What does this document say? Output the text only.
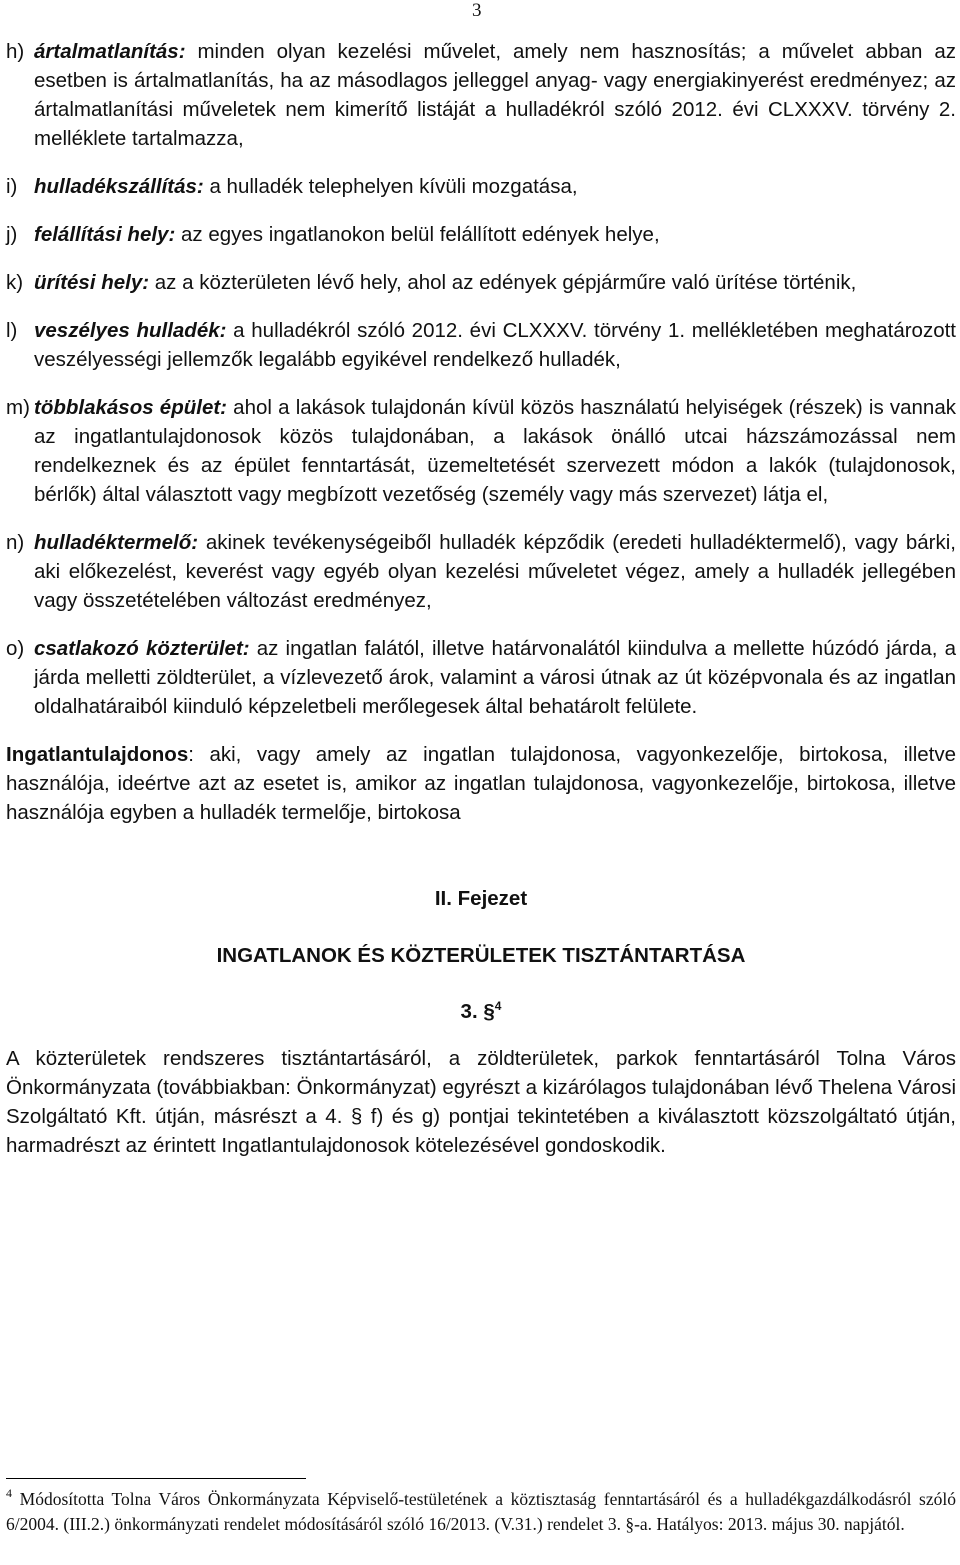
3
h) ártalmatlanítás: minden olyan kezelési művelet, amely nem hasznosítás; a művelet abban az esetben is ártalmatlanítás, ha az másodlagos jelleggel anyag- vagy energiakinyerést eredményez; az ártalmatlanítási műveletek nem kimerítő listáját a hulladékról szóló 2012. évi CLXXXV. törvény 2. melléklete tartalmazza,
i) hulladékszállítás: a hulladék telephelyen kívüli mozgatása,
j) felállítási hely: az egyes ingatlanokon belül felállított edények helye,
k) ürítési hely: az a közterületen lévő hely, ahol az edények gépjárműre való ürítése történik,
l) veszélyes hulladék: a hulladékról szóló 2012. évi CLXXXV. törvény 1. mellékletében meghatározott veszélyességi jellemzők legalább egyikével rendelkező hulladék,
m) többlakásos épület: ahol a lakások tulajdonán kívül közös használatú helyiségek (részek) is vannak az ingatlantulajdonosok közös tulajdonában, a lakások önálló utcai házszámozással nem rendelkeznek és az épület fenntartását, üzemeltetését szervezett módon a lakók (tulajdonosok, bérlők) által választott vagy megbízott vezetőség (személy vagy más szervezet) látja el,
n) hulladéktermelő: akinek tevékenységeiből hulladék képződik (eredeti hulladéktermelő), vagy bárki, aki előkezelést, keverést vagy egyéb olyan kezelési műveletet végez, amely a hulladék jellegében vagy összetételében változást eredményez,
o) csatlakozó közterület: az ingatlan falától, illetve határvonalától kiindulva a mellette húzódó járda, a járda melletti zöldterület, a vízlevezető árok, valamint a városi útnak az út középvonala és az ingatlan oldalhatáraiból kiinduló képzeletbeli merőlegesek által behatárolt felülete.
Ingatlantulajdonos: aki, vagy amely az ingatlan tulajdonosa, vagyonkezelője, birtokosa, illetve használója, ideértve azt az esetet is, amikor az ingatlan tulajdonosa, vagyonkezelője, birtokosa, illetve használója egyben a hulladék termelője, birtokosa
II. Fejezet
INGATLANOK ÉS KÖZTERÜLETEK TISZTÁNTARTÁSA
3. §$^4$
A közterületek rendszeres tisztántartásáról, a zöldterületek, parkok fenntartásáról Tolna Város Önkormányzata (továbbiakban: Önkormányzat) egyrészt a kizárólagos tulajdonában lévő Thelena Városi Szolgáltató Kft. útján, másrészt a 4. § f) és g) pontjai tekintetében a kiválasztott közszolgáltató útján, harmadrészt az érintett Ingatlantulajdonosok kötelezésével gondoskodik.
$^4$ Módosította Tolna Város Önkormányzata Képviselő-testületének a köztisztaság fenntartásáról és a hulladékgazdálkodásról szóló 6/2004. (III.2.) önkormányzati rendelet módosításáról szóló 16/2013. (V.31.) rendelet 3. §-a. Hatályos: 2013. május 30. napjától.
